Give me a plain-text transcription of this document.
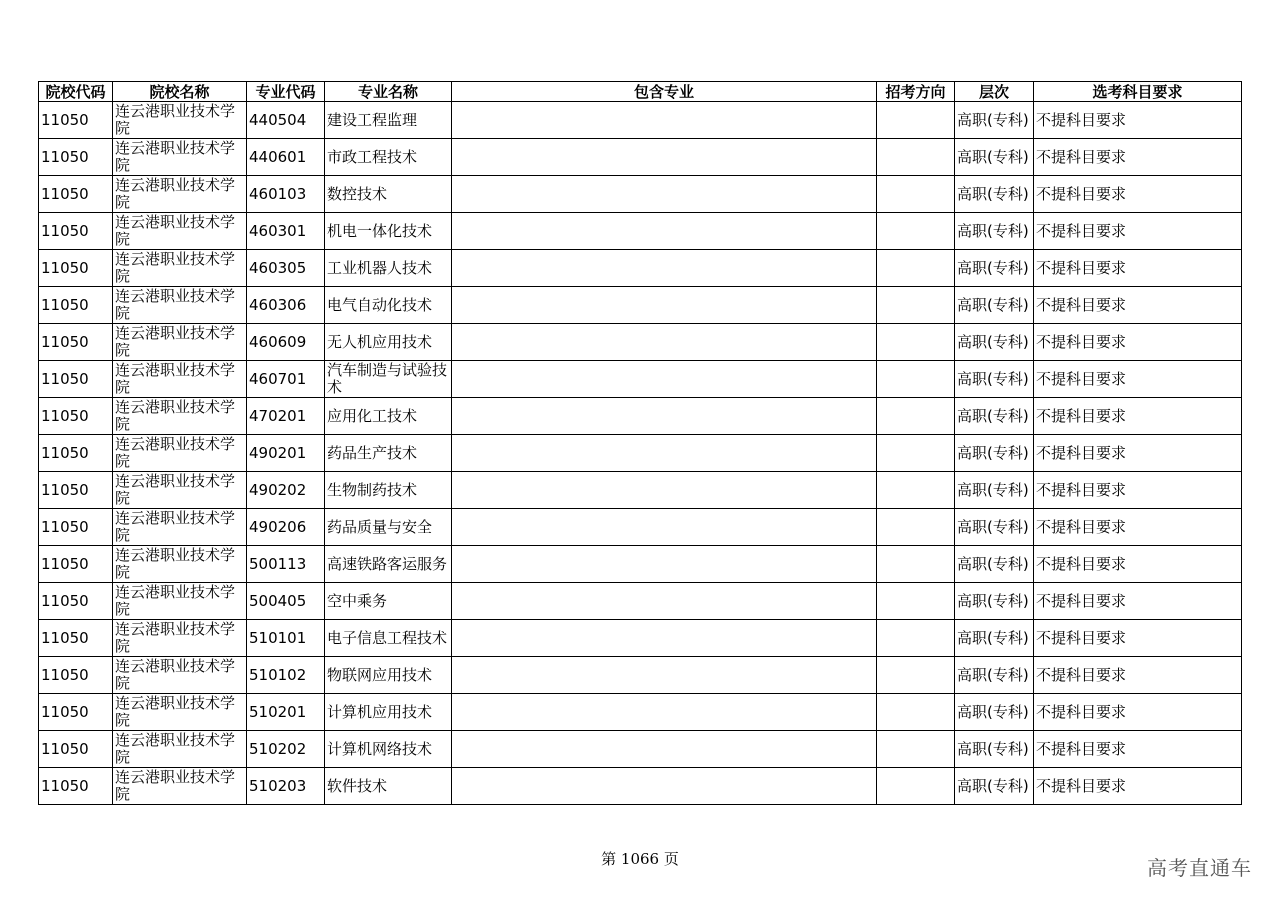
院校代码	院校名称	专业代码	专业名称	包含专业	招考方向	层次	选考科目要求
11050	连云港职业技术学院	440504	建设工程监理			高职(专科)	不提科目要求
11050	连云港职业技术学院	440601	市政工程技术			高职(专科)	不提科目要求
11050	连云港职业技术学院	460103	数控技术			高职(专科)	不提科目要求
11050	连云港职业技术学院	460301	机电一体化技术			高职(专科)	不提科目要求
11050	连云港职业技术学院	460305	工业机器人技术			高职(专科)	不提科目要求
11050	连云港职业技术学院	460306	电气自动化技术			高职(专科)	不提科目要求
11050	连云港职业技术学院	460609	无人机应用技术			高职(专科)	不提科目要求
11050	连云港职业技术学院	460701	汽车制造与试验技术			高职(专科)	不提科目要求
11050	连云港职业技术学院	470201	应用化工技术			高职(专科)	不提科目要求
11050	连云港职业技术学院	490201	药品生产技术			高职(专科)	不提科目要求
11050	连云港职业技术学院	490202	生物制药技术			高职(专科)	不提科目要求
11050	连云港职业技术学院	490206	药品质量与安全			高职(专科)	不提科目要求
11050	连云港职业技术学院	500113	高速铁路客运服务			高职(专科)	不提科目要求
11050	连云港职业技术学院	500405	空中乘务			高职(专科)	不提科目要求
11050	连云港职业技术学院	510101	电子信息工程技术			高职(专科)	不提科目要求
11050	连云港职业技术学院	510102	物联网应用技术			高职(专科)	不提科目要求
11050	连云港职业技术学院	510201	计算机应用技术			高职(专科)	不提科目要求
11050	连云港职业技术学院	510202	计算机网络技术			高职(专科)	不提科目要求
11050	连云港职业技术学院	510203	软件技术			高职(专科)	不提科目要求
第 1066 页	高考直通车
